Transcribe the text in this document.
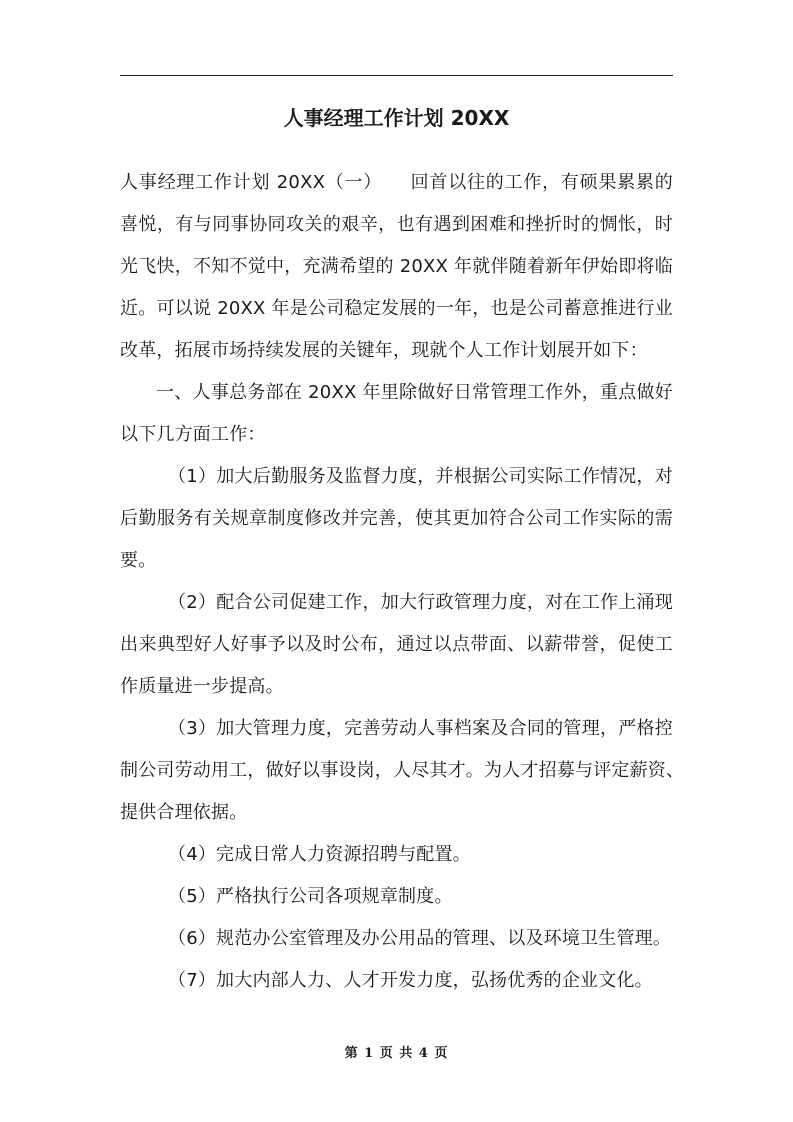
人事经理工作计划 20XX
人事经理工作计划 20XX（一）　　回首以往的工作，有硕果累累的
喜悦，有与同事协同攻关的艰辛，也有遇到困难和挫折时的惆怅，时
光飞快，不知不觉中，充满希望的 20XX 年就伴随着新年伊始即将临
近。可以说 20XX 年是公司稳定发展的一年，也是公司蓄意推进行业
改革，拓展市场持续发展的关键年，现就个人工作计划展开如下：
一、人事总务部在 20XX 年里除做好日常管理工作外，重点做好
以下几方面工作：
（1）加大后勤服务及监督力度，并根据公司实际工作情况，对
后勤服务有关规章制度修改并完善，使其更加符合公司工作实际的需
要。
（2）配合公司促建工作，加大行政管理力度，对在工作上涌现
出来典型好人好事予以及时公布，通过以点带面、以薪带誉，促使工
作质量进一步提高。
（3）加大管理力度，完善劳动人事档案及合同的管理，严格控
制公司劳动用工，做好以事设岗，人尽其才。为人才招募与评定薪资、
提供合理依据。
（4）完成日常人力资源招聘与配置。
（5）严格执行公司各项规章制度。
（6）规范办公室管理及办公用品的管理、以及环境卫生管理。
（7）加大内部人力、人才开发力度，弘扬优秀的企业文化。
第 1 页 共 4 页
